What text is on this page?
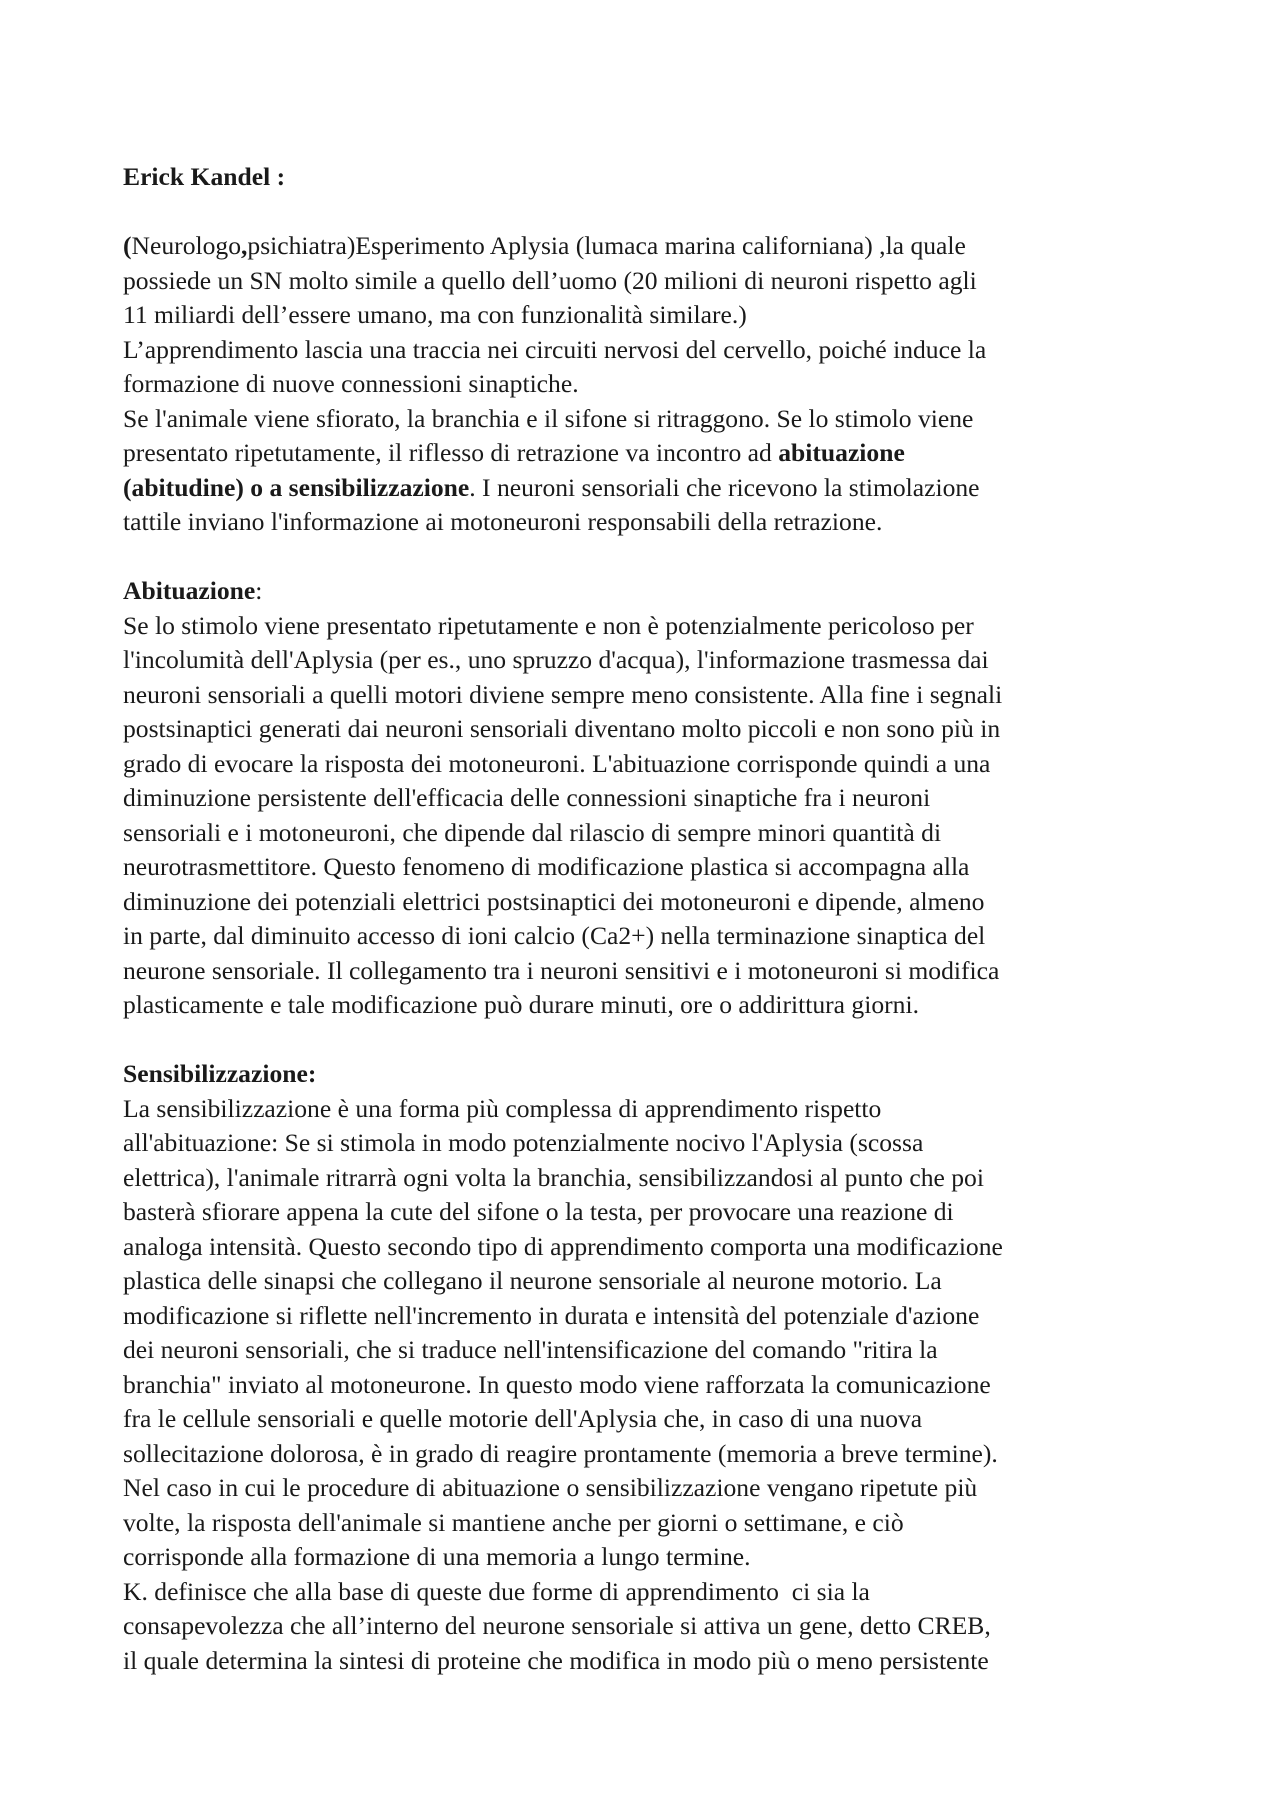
Erick Kandel :
(Neurologo,psichiatra)Esperimento Aplysia (lumaca marina californiana) ,la quale
possiede un SN molto simile a quello dell’uomo (20 milioni di neuroni rispetto agli
11 miliardi dell’essere umano, ma con funzionalità similare.)
L’apprendimento lascia una traccia nei circuiti nervosi del cervello, poiché induce la
formazione di nuove connessioni sinaptiche.
Se l'animale viene sfiorato, la branchia e il sifone si ritraggono. Se lo stimolo viene
presentato ripetutamente, il riflesso di retrazione va incontro ad abituazione
(abitudine) o a sensibilizzazione. I neuroni sensoriali che ricevono la stimolazione
tattile inviano l'informazione ai motoneuroni responsabili della retrazione.
Abituazione:
Se lo stimolo viene presentato ripetutamente e non è potenzialmente pericoloso per
l'incolumità dell'Aplysia (per es., uno spruzzo d'acqua), l'informazione trasmessa dai
neuroni sensoriali a quelli motori diviene sempre meno consistente. Alla fine i segnali
postsinaptici generati dai neuroni sensoriali diventano molto piccoli e non sono più in
grado di evocare la risposta dei motoneuroni. L'abituazione corrisponde quindi a una
diminuzione persistente dell'efficacia delle connessioni sinaptiche fra i neuroni
sensoriali e i motoneuroni, che dipende dal rilascio di sempre minori quantità di
neurotrasmettitore. Questo fenomeno di modificazione plastica si accompagna alla
diminuzione dei potenziali elettrici postsinaptici dei motoneuroni e dipende, almeno
in parte, dal diminuito accesso di ioni calcio (Ca2+) nella terminazione sinaptica del
neurone sensoriale. Il collegamento tra i neuroni sensitivi e i motoneuroni si modifica
plasticamente e tale modificazione può durare minuti, ore o addirittura giorni.
Sensibilizzazione:
La sensibilizzazione è una forma più complessa di apprendimento rispetto
all'abituazione: Se si stimola in modo potenzialmente nocivo l'Aplysia (scossa
elettrica), l'animale ritrarrà ogni volta la branchia, sensibilizzandosi al punto che poi
basterà sfiorare appena la cute del sifone o la testa, per provocare una reazione di
analoga intensità. Questo secondo tipo di apprendimento comporta una modificazione
plastica delle sinapsi che collegano il neurone sensoriale al neurone motorio. La
modificazione si riflette nell'incremento in durata e intensità del potenziale d'azione
dei neuroni sensoriali, che si traduce nell'intensificazione del comando "ritira la
branchia" inviato al motoneurone. In questo modo viene rafforzata la comunicazione
fra le cellule sensoriali e quelle motorie dell'Aplysia che, in caso di una nuova
sollecitazione dolorosa, è in grado di reagire prontamente (memoria a breve termine).
Nel caso in cui le procedure di abituazione o sensibilizzazione vengano ripetute più
volte, la risposta dell'animale si mantiene anche per giorni o settimane, e ciò
corrisponde alla formazione di una memoria a lungo termine.
K. definisce che alla base di queste due forme di apprendimento  ci sia la
consapevolezza che all’interno del neurone sensoriale si attiva un gene, detto CREB,
il quale determina la sintesi di proteine che modifica in modo più o meno persistente
